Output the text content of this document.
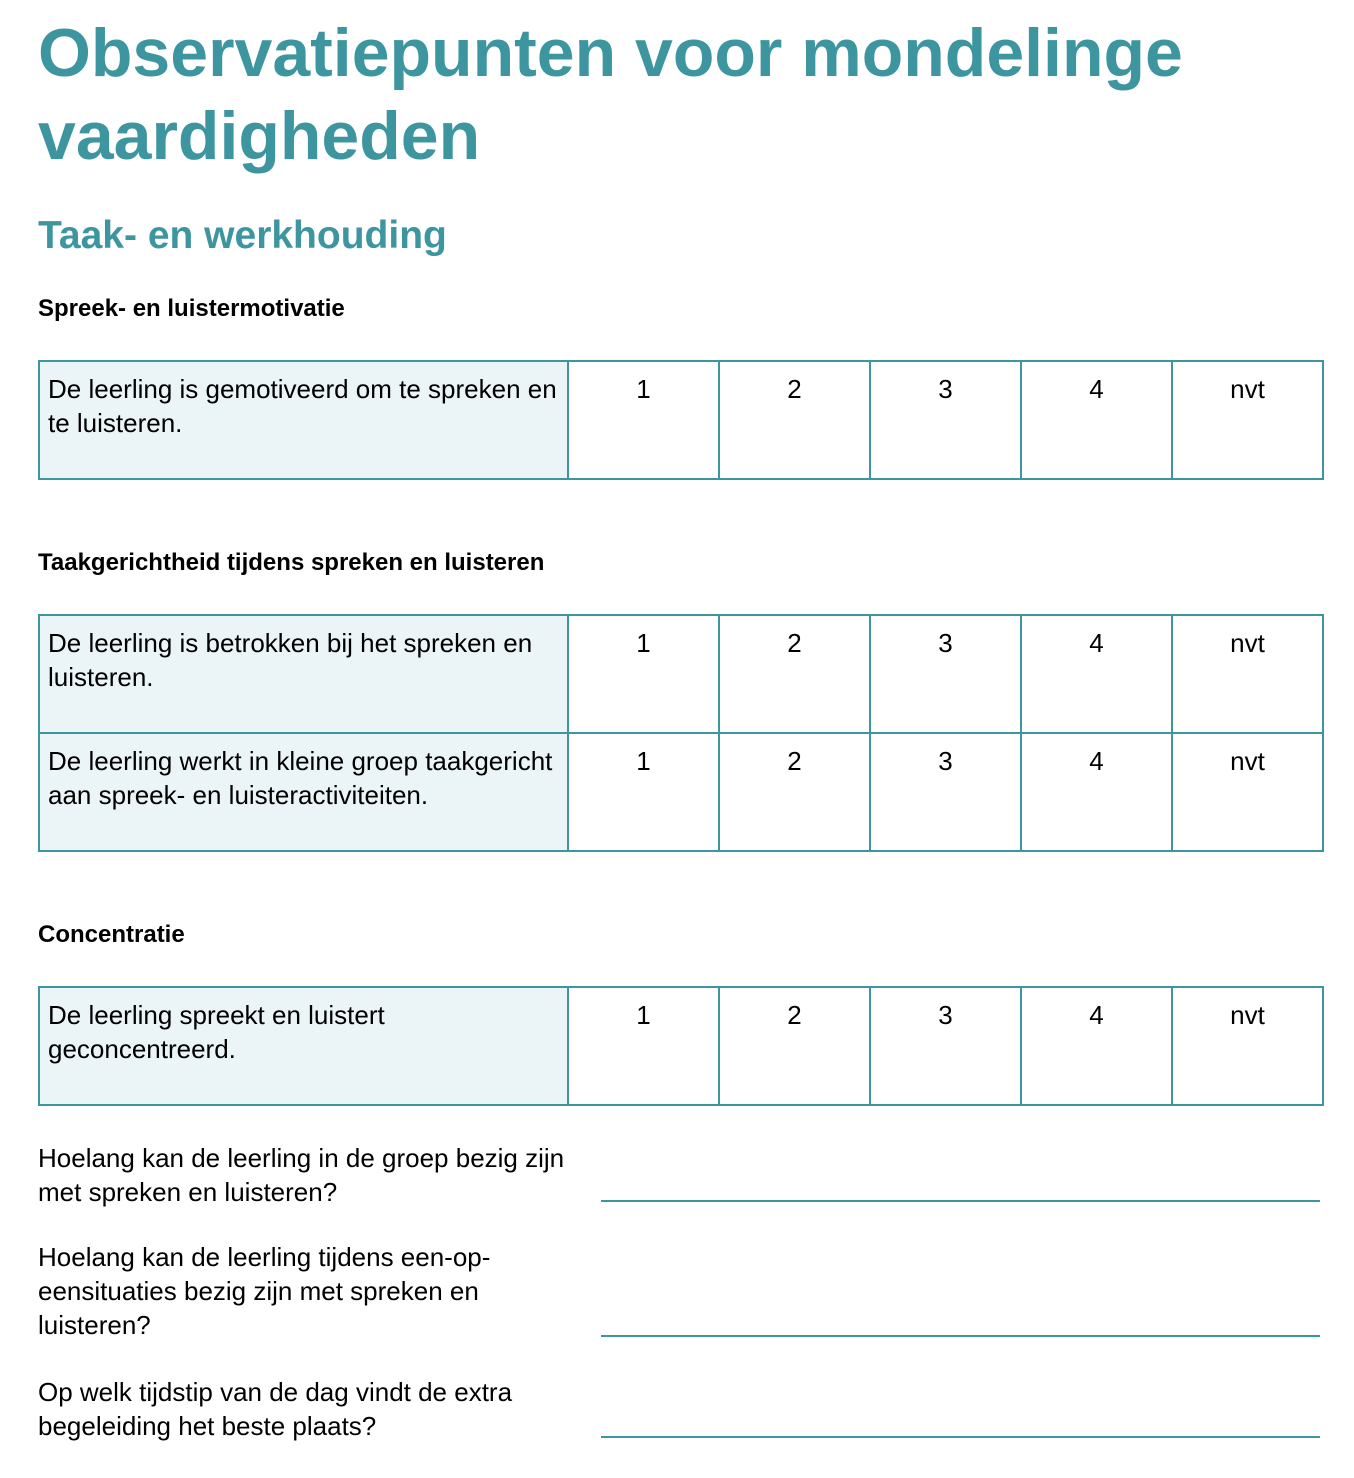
Observatiepunten voor mondelinge vaardigheden
Taak- en werkhouding
Spreek- en luistermotivatie
De leerling is gemotiveerd om te spreken en te luisteren.	1	2	3	4	nvt
Taakgerichtheid tijdens spreken en luisteren
De leerling is betrokken bij het spreken en luisteren.	1	2	3	4	nvt
De leerling werkt in kleine groep taakgericht aan spreek- en luisteractiviteiten.	1	2	3	4	nvt
Concentratie
De leerling spreekt en luistert geconcentreerd.	1	2	3	4	nvt

Hoelang kan de leerling in de groep bezig zijn met spreken en luisteren?

Hoelang kan de leerling tijdens een-op-eensituaties bezig zijn met spreken en luisteren?

Op welk tijdstip van de dag vindt de extra begeleiding het beste plaats?
